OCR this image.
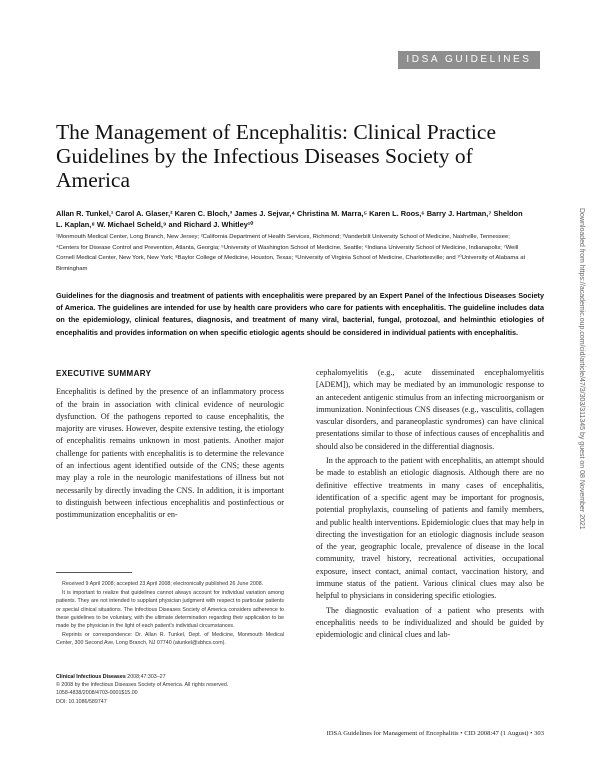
IDSA GUIDELINES
The Management of Encephalitis: Clinical Practice Guidelines by the Infectious Diseases Society of America
Allan R. Tunkel,¹ Carol A. Glaser,² Karen C. Bloch,³ James J. Sejvar,⁴ Christina M. Marra,⁵ Karen L. Roos,⁶ Barry J. Hartman,⁷ Sheldon L. Kaplan,⁸ W. Michael Scheld,⁹ and Richard J. Whitley¹⁰
¹Monmouth Medical Center, Long Branch, New Jersey; ²California Department of Health Services, Richmond; ³Vanderbilt University School of Medicine, Nashville, Tennessee; ⁴Centers for Disease Control and Prevention, Atlanta, Georgia; ⁵University of Washington School of Medicine, Seattle; ⁶Indiana University School of Medicine, Indianapolis; ⁷Weill Cornell Medical Center, New York, New York; ⁸Baylor College of Medicine, Houston, Texas; ⁹University of Virginia School of Medicine, Charlottesville; and ¹⁰University of Alabama at Birmingham
Guidelines for the diagnosis and treatment of patients with encephalitis were prepared by an Expert Panel of the Infectious Diseases Society of America. The guidelines are intended for use by health care providers who care for patients with encephalitis. The guideline includes data on the epidemiology, clinical features, diagnosis, and treatment of many viral, bacterial, fungal, protozoal, and helminthic etiologies of encephalitis and provides information on when specific etiologic agents should be considered in individual patients with encephalitis.
EXECUTIVE SUMMARY

Encephalitis is defined by the presence of an inflammatory process of the brain in association with clinical evidence of neurologic dysfunction. Of the pathogens reported to cause encephalitis, the majority are viruses. However, despite extensive testing, the etiology of encephalitis remains unknown in most patients. Another major challenge for patients with encephalitis is to determine the relevance of an infectious agent identified outside of the CNS; these agents may play a role in the neurologic manifestations of illness but not necessarily by directly invading the CNS. In addition, it is important to distinguish between infectious encephalitis and postinfectious or postimmunization encephalitis or en-

Received 9 April 2008; accepted 23 April 2008; electronically published 26 June 2008.

It is important to realize that guidelines cannot always account for individual variation among patients. They are not intended to supplant physician judgment with respect to particular patients or special clinical situations. The Infectious Diseases Society of America considers adherence to these guidelines to be voluntary, with the ultimate determination regarding their application to be made by the physician in the light of each patient's individual circumstances.

Reprints or correspondence: Dr. Allan R. Tunkel, Dept. of Medicine, Monmouth Medical Center, 300 Second Ave, Long Branch, NJ 07740 (atunkel@sbhcs.com).

Clinical Infectious Diseases 2008;47:303–27
© 2008 by the Infectious Diseases Society of America. All rights reserved.
1058-4838/2008/4703-0001$15.00
DOI: 10.1086/589747

cephalomyelitis (e.g., acute disseminated encephalomyelitis [ADEM]), which may be mediated by an immunologic response to an antecedent antigenic stimulus from an infecting microorganism or immunization. Noninfectious CNS diseases (e.g., vasculitis, collagen vascular disorders, and paraneoplastic syndromes) can have clinical presentations similar to those of infectious causes of encephalitis and should also be considered in the differential diagnosis.

In the approach to the patient with encephalitis, an attempt should be made to establish an etiologic diagnosis. Although there are no definitive effective treatments in many cases of encephalitis, identification of a specific agent may be important for prognosis, potential prophylaxis, counseling of patients and family members, and public health interventions. Epidemiologic clues that may help in directing the investigation for an etiologic diagnosis include season of the year, geographic locale, prevalence of disease in the local community, travel history, recreational activities, occupational exposure, insect contact, animal contact, vaccination history, and immune status of the patient. Various clinical clues may also be helpful to physicians in considering specific etiologies.

The diagnostic evaluation of a patient who presents with encephalitis needs to be individualized and should be guided by epidemiologic and clinical clues and lab-

IDSA Guidelines for Management of Encephalitis • CID 2008:47 (1 August) • 303
Downloaded from https://academic.oup.com/cid/article/47/3/303/311345 by guest on 08 November 2021
